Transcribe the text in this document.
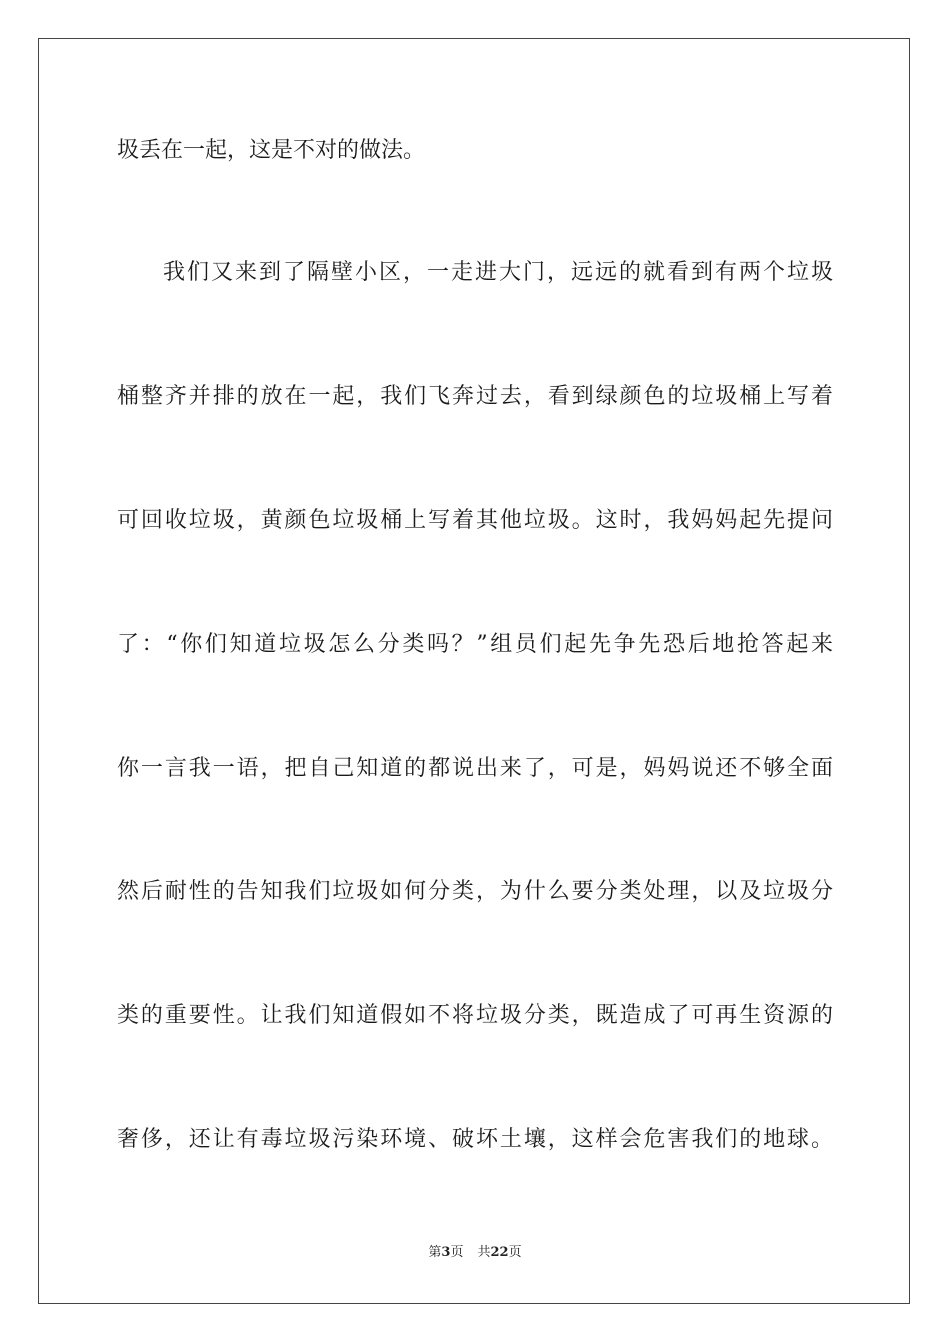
圾丢在一起，这是不对的做法。
我们又来到了隔壁小区，一走进大门，远远的就看到有两个垃圾
桶整齐并排的放在一起，我们飞奔过去，看到绿颜色的垃圾桶上写着
可回收垃圾，黄颜色垃圾桶上写着其他垃圾。这时，我妈妈起先提问
了：“你们知道垃圾怎么分类吗？”组员们起先争先恐后地抢答起来
你一言我一语，把自己知道的都说出来了，可是，妈妈说还不够全面
然后耐性的告知我们垃圾如何分类，为什么要分类处理，以及垃圾分
类的重要性。让我们知道假如不将垃圾分类，既造成了可再生资源的
奢侈，还让有毒垃圾污染环境、破坏土壤，这样会危害我们的地球。
第3页 共22页
